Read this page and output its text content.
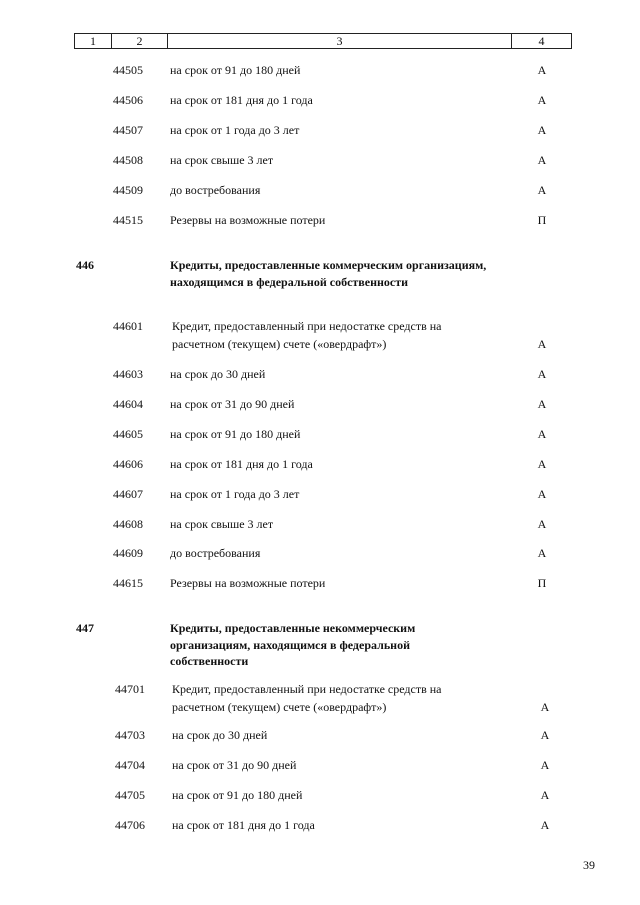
1	2	3	4
44505 на срок от 91 до 180 дней	А
44506 на срок от 181 дня до 1 года	А
44507 на срок от 1 года до 3 лет	А
44508 на срок свыше 3 лет	А
44509 до востребования	А
44515 Резервы на возможные потери	П
446	Кредиты, предоставленные коммерческим организациям, находящимся в федеральной собственности
44601 Кредит, предоставленный при недостатке средств на
расчетном (текущем) счете («овердрафт»)	А
44603 на срок до 30 дней	А
44604 на срок от 31 до 90 дней	А
44605 на срок от 91 до 180 дней	А
44606 на срок от 181 дня до 1 года	А
44607 на срок от 1 года до 3 лет	А
44608 на срок свыше 3 лет	А
44609 до востребования	А
44615 Резервы на возможные потери	П
447	Кредиты, предоставленные некоммерческим организациям, находящимся в федеральной собственности
44701 Кредит, предоставленный при недостатке средств на
расчетном (текущем) счете («овердрафт»)	А
44703 на срок до 30 дней	А
44704 на срок от 31 до 90 дней	А
44705 на срок от 91 до 180 дней	А
44706 на срок от 181 дня до 1 года	А
39
